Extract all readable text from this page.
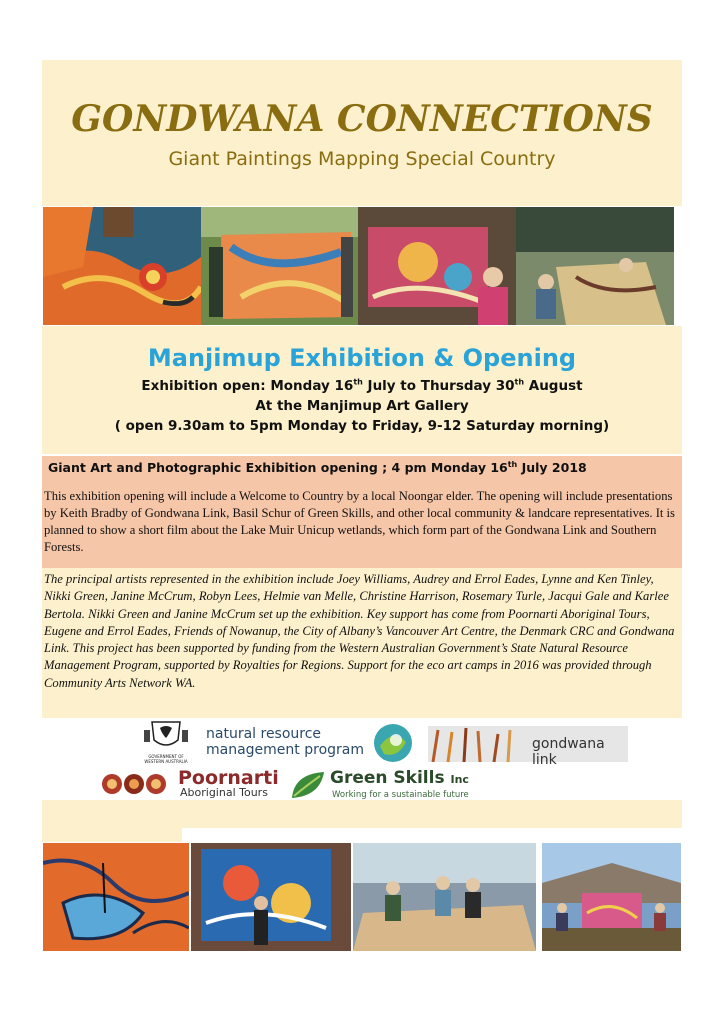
GONDWANA CONNECTIONS
Giant Paintings Mapping Special Country
Manjimup Exhibition & Opening
Exhibition open: Monday 16th July to Thursday 30th August
At the Manjimup Art Gallery
( open 9.30am to 5pm Monday to Friday, 9-12 Saturday morning)
Giant Art and Photographic Exhibition opening ; 4 pm Monday 16th July 2018
This exhibition opening will include a Welcome to Country by a local Noongar elder. The opening will include presentations by Keith Bradby of Gondwana Link, Basil Schur of Green Skills, and other local community & landcare representatives. It is planned to show a short film about the Lake Muir Unicup wetlands, which form part of the Gondwana Link and Southern Forests.
The principal artists represented in the exhibition include Joey Williams, Audrey and Errol Eades, Lynne and Ken Tinley, Nikki Green, Janine McCrum, Robyn Lees, Helmie van Melle, Christine Harrison, Rosemary Turle, Jacqui Gale and Karlee Bertola. Nikki Green and Janine McCrum set up the exhibition. Key support has come from Poornarti Aboriginal Tours, Eugene and Errol Eades, Friends of Nowanup, the City of Albany’s Vancouver Art Centre, the Denmark CRC and Gondwana Link. This project has been supported by funding from the Western Australian Government’s State Natural Resource Management Program, supported by Royalties for Regions. Support for the eco art camps in 2016 was provided through Community Arts Network WA.
GOVERNMENT OF
WESTERN AUSTRALIA
natural resource
management program	gondwana link
Poornarti
Aboriginal Tours
Green Skills Inc
Working for a sustainable future
